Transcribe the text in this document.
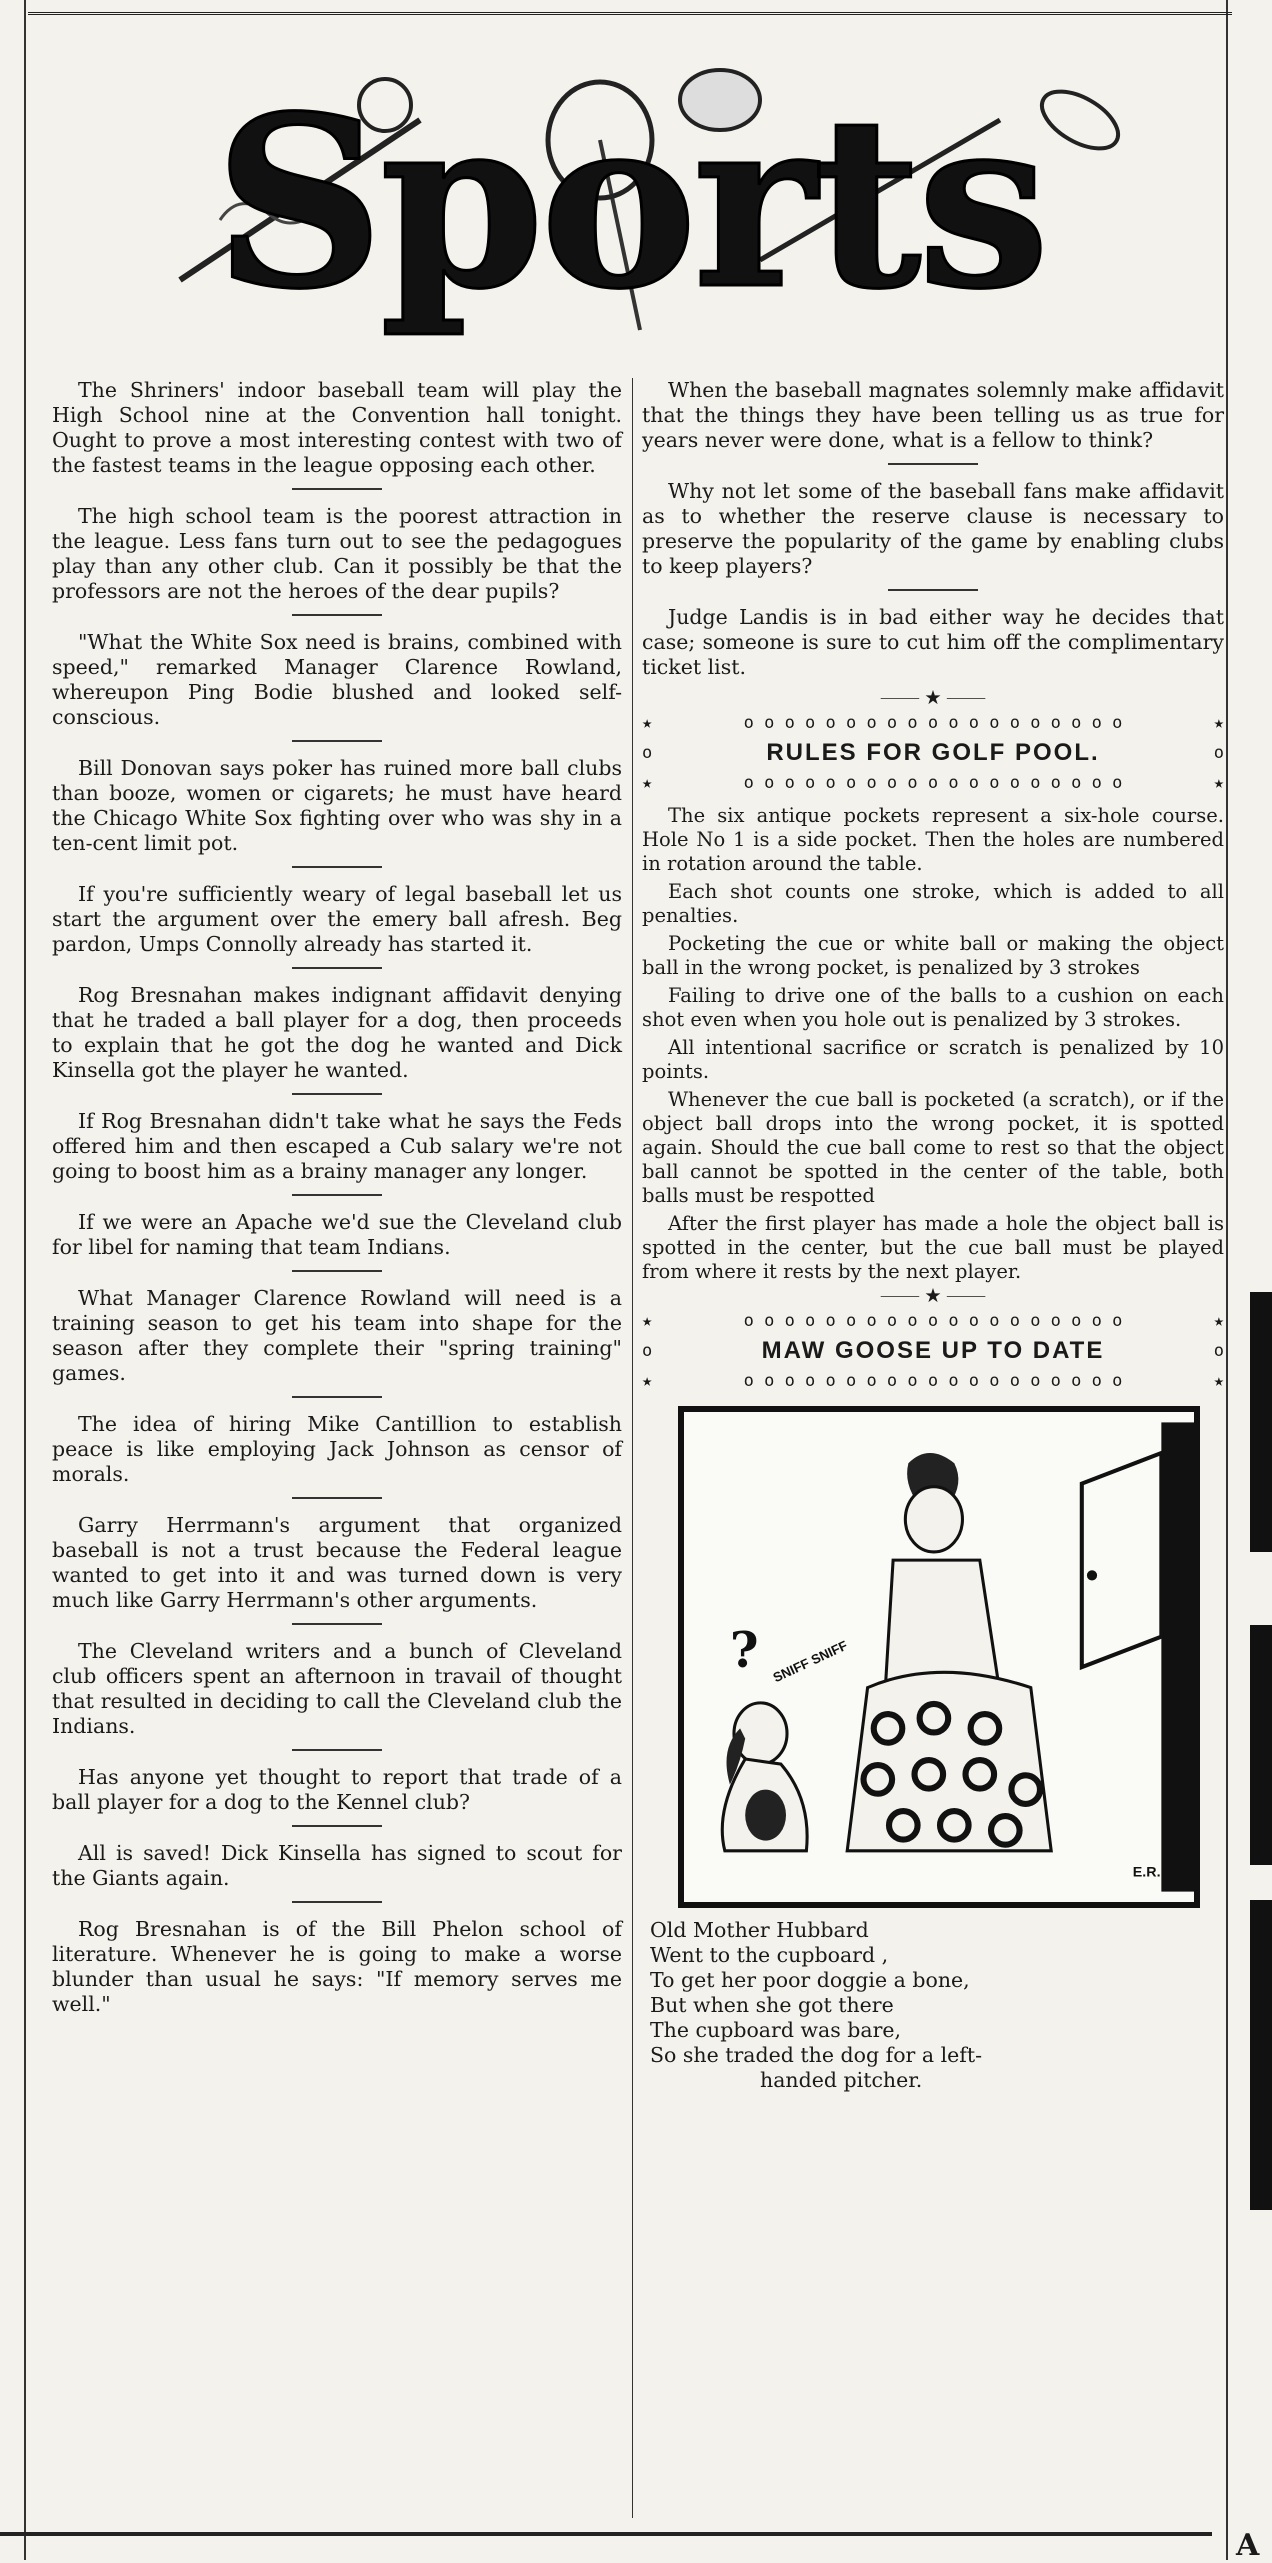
Sports

The Shriners' indoor baseball team will play the High School nine at the Convention hall tonight. Ought to prove a most interesting contest with two of the fastest teams in the league opposing each other.

The high school team is the poorest attraction in the league. Less fans turn out to see the pedagogues play than any other club. Can it possibly be that the professors are not the heroes of the dear pupils?

"What the White Sox need is brains, combined with speed," remarked Manager Clarence Rowland, whereupon Ping Bodie blushed and looked self-conscious.

Bill Donovan says poker has ruined more ball clubs than booze, women or cigarets; he must have heard the Chicago White Sox fighting over who was shy in a ten-cent limit pot.

If you're sufficiently weary of legal baseball let us start the argument over the emery ball afresh. Beg pardon, Umps Connolly already has started it.

Rog Bresnahan makes indignant affidavit denying that he traded a ball player for a dog, then proceeds to explain that he got the dog he wanted and Dick Kinsella got the player he wanted.

If Rog Bresnahan didn't take what he says the Feds offered him and then escaped a Cub salary we're not going to boost him as a brainy manager any longer.

If we were an Apache we'd sue the Cleveland club for libel for naming that team Indians.

What Manager Clarence Rowland will need is a training season to get his team into shape for the season after they complete their "spring training" games.

The idea of hiring Mike Cantillion to establish peace is like employing Jack Johnson as censor of morals.

Garry Herrmann's argument that organized baseball is not a trust because the Federal league wanted to get into it and was turned down is very much like Garry Herrmann's other arguments.

The Cleveland writers and a bunch of Cleveland club officers spent an afternoon in travail of thought that resulted in deciding to call the Cleveland club the Indians.

Has anyone yet thought to report that trade of a ball player for a dog to the Kennel club?

All is saved! Dick Kinsella has signed to scout for the Giants again.

Rog Bresnahan is of the Bill Phelon school of literature. Whenever he is going to make a worse blunder than usual he says: "If memory serves me well."

When the baseball magnates solemnly make affidavit that the things they have been telling us as true for years never were done, what is a fellow to think?

Why not let some of the baseball fans make affidavit as to whether the reserve clause is necessary to preserve the popularity of the game by enabling clubs to keep players?

Judge Landis is in bad either way he decides that case; someone is sure to cut him off the complimentary ticket list.

⸻ ★ ⸻
★	o o o o o o o o o o o o o o o o o o o	★
o	RULES FOR GOLF POOL.	o
★	o o o o o o o o o o o o o o o o o o o	★

The six antique pockets represent a six-hole course. Hole No 1 is a side pocket. Then the holes are numbered in rotation around the table.

Each shot counts one stroke, which is added to all penalties.

Pocketing the cue or white ball or making the object ball in the wrong pocket, is penalized by 3 strokes

Failing to drive one of the balls to a cushion on each shot even when you hole out is penalized by 3 strokes.

All intentional sacrifice or scratch is penalized by 10 points.

Whenever the cue ball is pocketed (a scratch), or if the object ball drops into the wrong pocket, it is spotted again. Should the cue ball come to rest so that the object ball cannot be spotted in the center of the table, both balls must be respotted

After the first player has made a hole the object ball is spotted in the center, but the cue ball must be played from where it rests by the next player.

⸻ ★ ⸻
★	o o o o o o o o o o o o o o o o o o o	★
o	MAW GOOSE UP TO DATE	o
★	o o o o o o o o o o o o o o o o o o o	★
? SNIFF SNIFF
E.R.
Old Mother Hubbard
Went to the cupboard ,
To get her poor doggie a bone,
But when she got there
The cupboard was bare,
So she traded the dog for a left-
handed pitcher.
A
